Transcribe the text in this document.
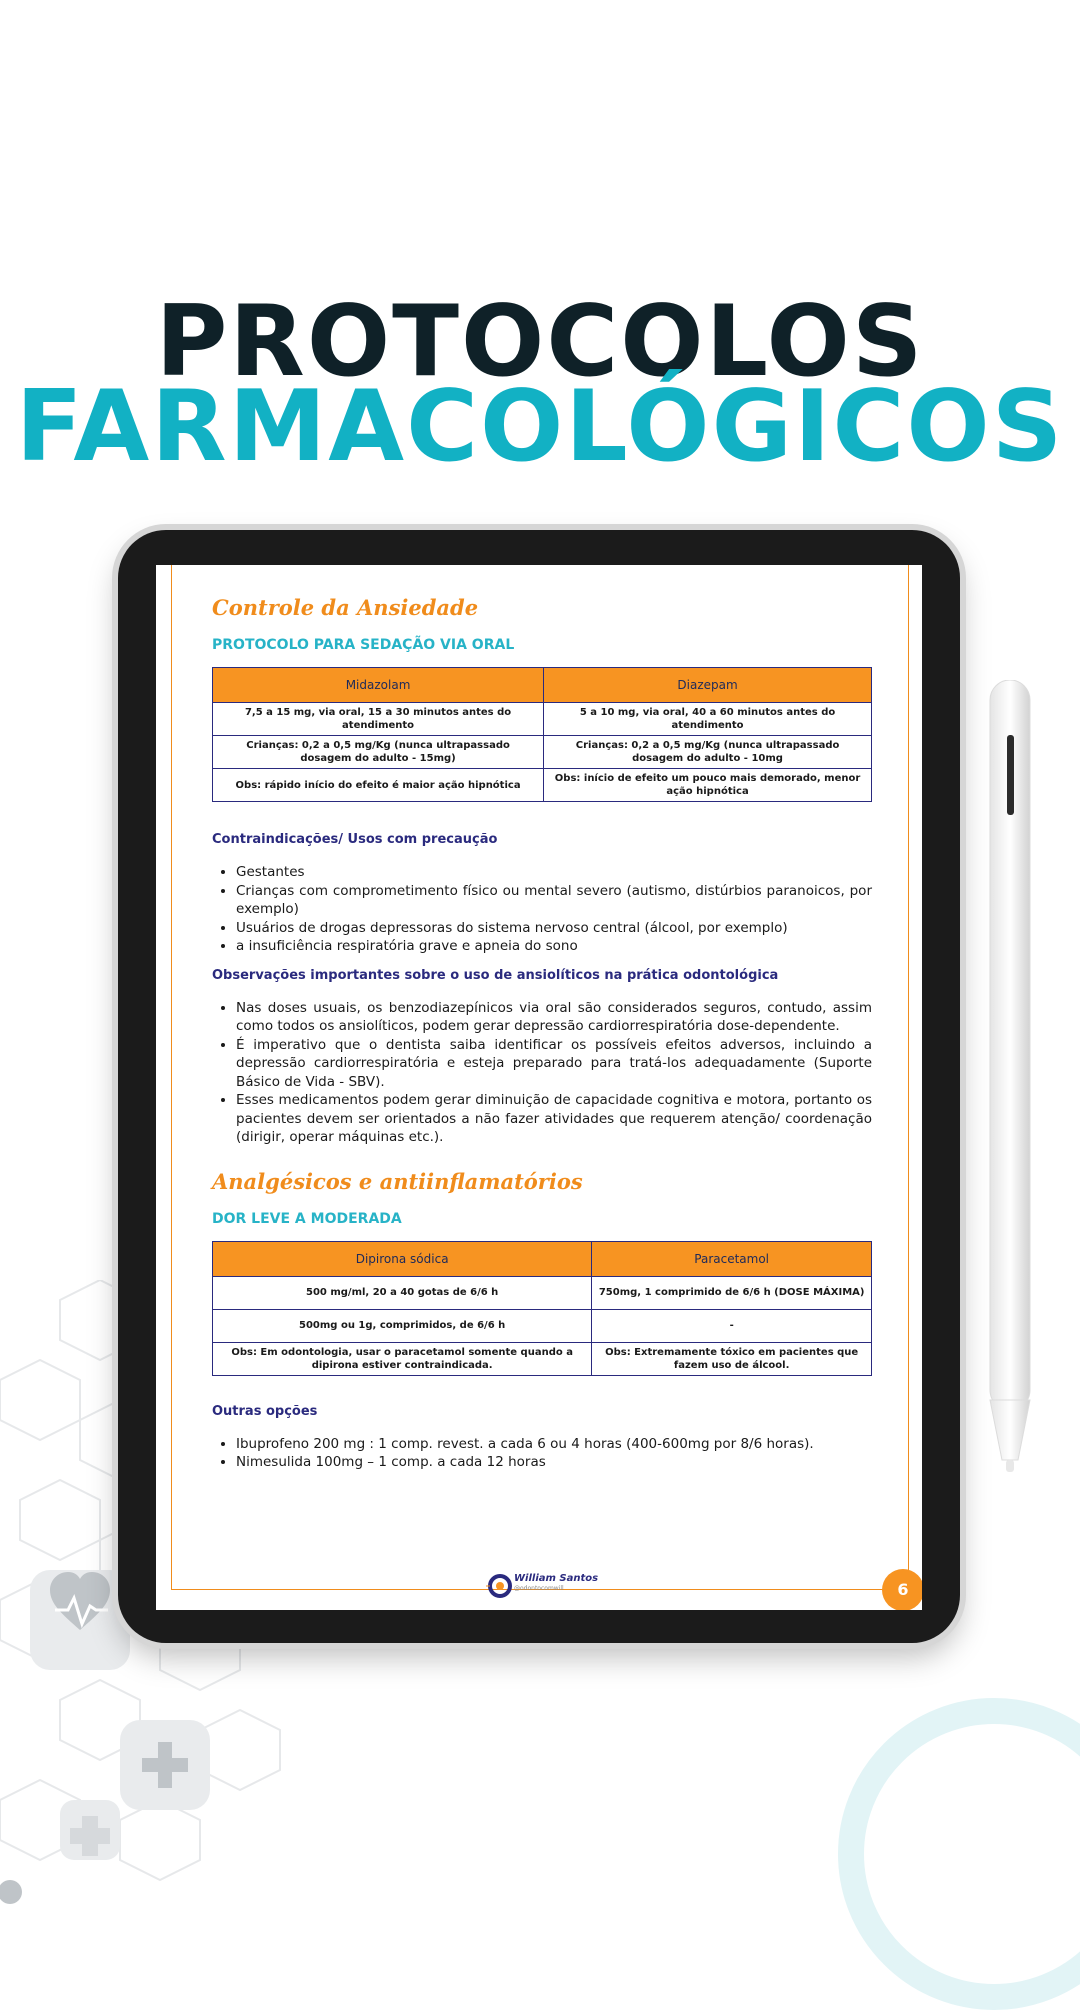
PROTOCOLOS
FARMACOLÓGICOS
Controle da Ansiedade
PROTOCOLO PARA SEDAÇÃO VIA ORAL
Midazolam	Diazepam
7,5 a 15 mg, via oral, 15 a 30 minutos antes do atendimento	5 a 10 mg, via oral, 40 a 60 minutos antes do atendimento
Crianças: 0,2 a 0,5 mg/Kg (nunca ultrapassado dosagem do adulto - 15mg)	Crianças: 0,2 a 0,5 mg/Kg (nunca ultrapassado dosagem do adulto - 10mg
Obs: rápido início do efeito é maior ação hipnótica	Obs: início de efeito um pouco mais demorado, menor ação hipnótica
Contraindicações/ Usos com precaução
• Gestantes
• Crianças com comprometimento físico ou mental severo (autismo, distúrbios paranoicos, por exemplo)
• Usuários de drogas depressoras do sistema nervoso central (álcool, por exemplo)
• a insuficiência respiratória grave e apneia do sono
Observações importantes sobre o uso de ansiolíticos na prática odontológica
• Nas doses usuais, os benzodiazepínicos via oral são considerados seguros, contudo, assim como todos os ansiolíticos, podem gerar depressão cardiorrespiratória dose-dependente.
• É imperativo que o dentista saiba identificar os possíveis efeitos adversos, incluindo a depressão cardiorrespiratória e esteja preparado para tratá-los adequadamente (Suporte Básico de Vida - SBV).
• Esses medicamentos podem gerar diminuição de capacidade cognitiva e motora, portanto os pacientes devem ser orientados a não fazer atividades que requerem atenção/ coordenação (dirigir, operar máquinas etc.).
Analgésicos e antiinflamatórios
DOR LEVE A MODERADA
Dipirona sódica	Paracetamol
500 mg/ml, 20 a 40 gotas de 6/6 h	750mg, 1 comprimido de 6/6 h (DOSE MÁXIMA)
500mg ou 1g, comprimidos, de 6/6 h	-
Obs: Em odontologia, usar o paracetamol somente quando a dipirona estiver contraindicada.	Obs: Extremamente tóxico em pacientes que fazem uso de álcool.
Outras opções
• Ibuprofeno 200 mg : 1 comp. revest. a cada 6 ou 4 horas (400-600mg por 8/6 horas).
• Nimesulida 100mg – 1 comp. a cada 12 horas
William Santos
@odontocomwill	6
